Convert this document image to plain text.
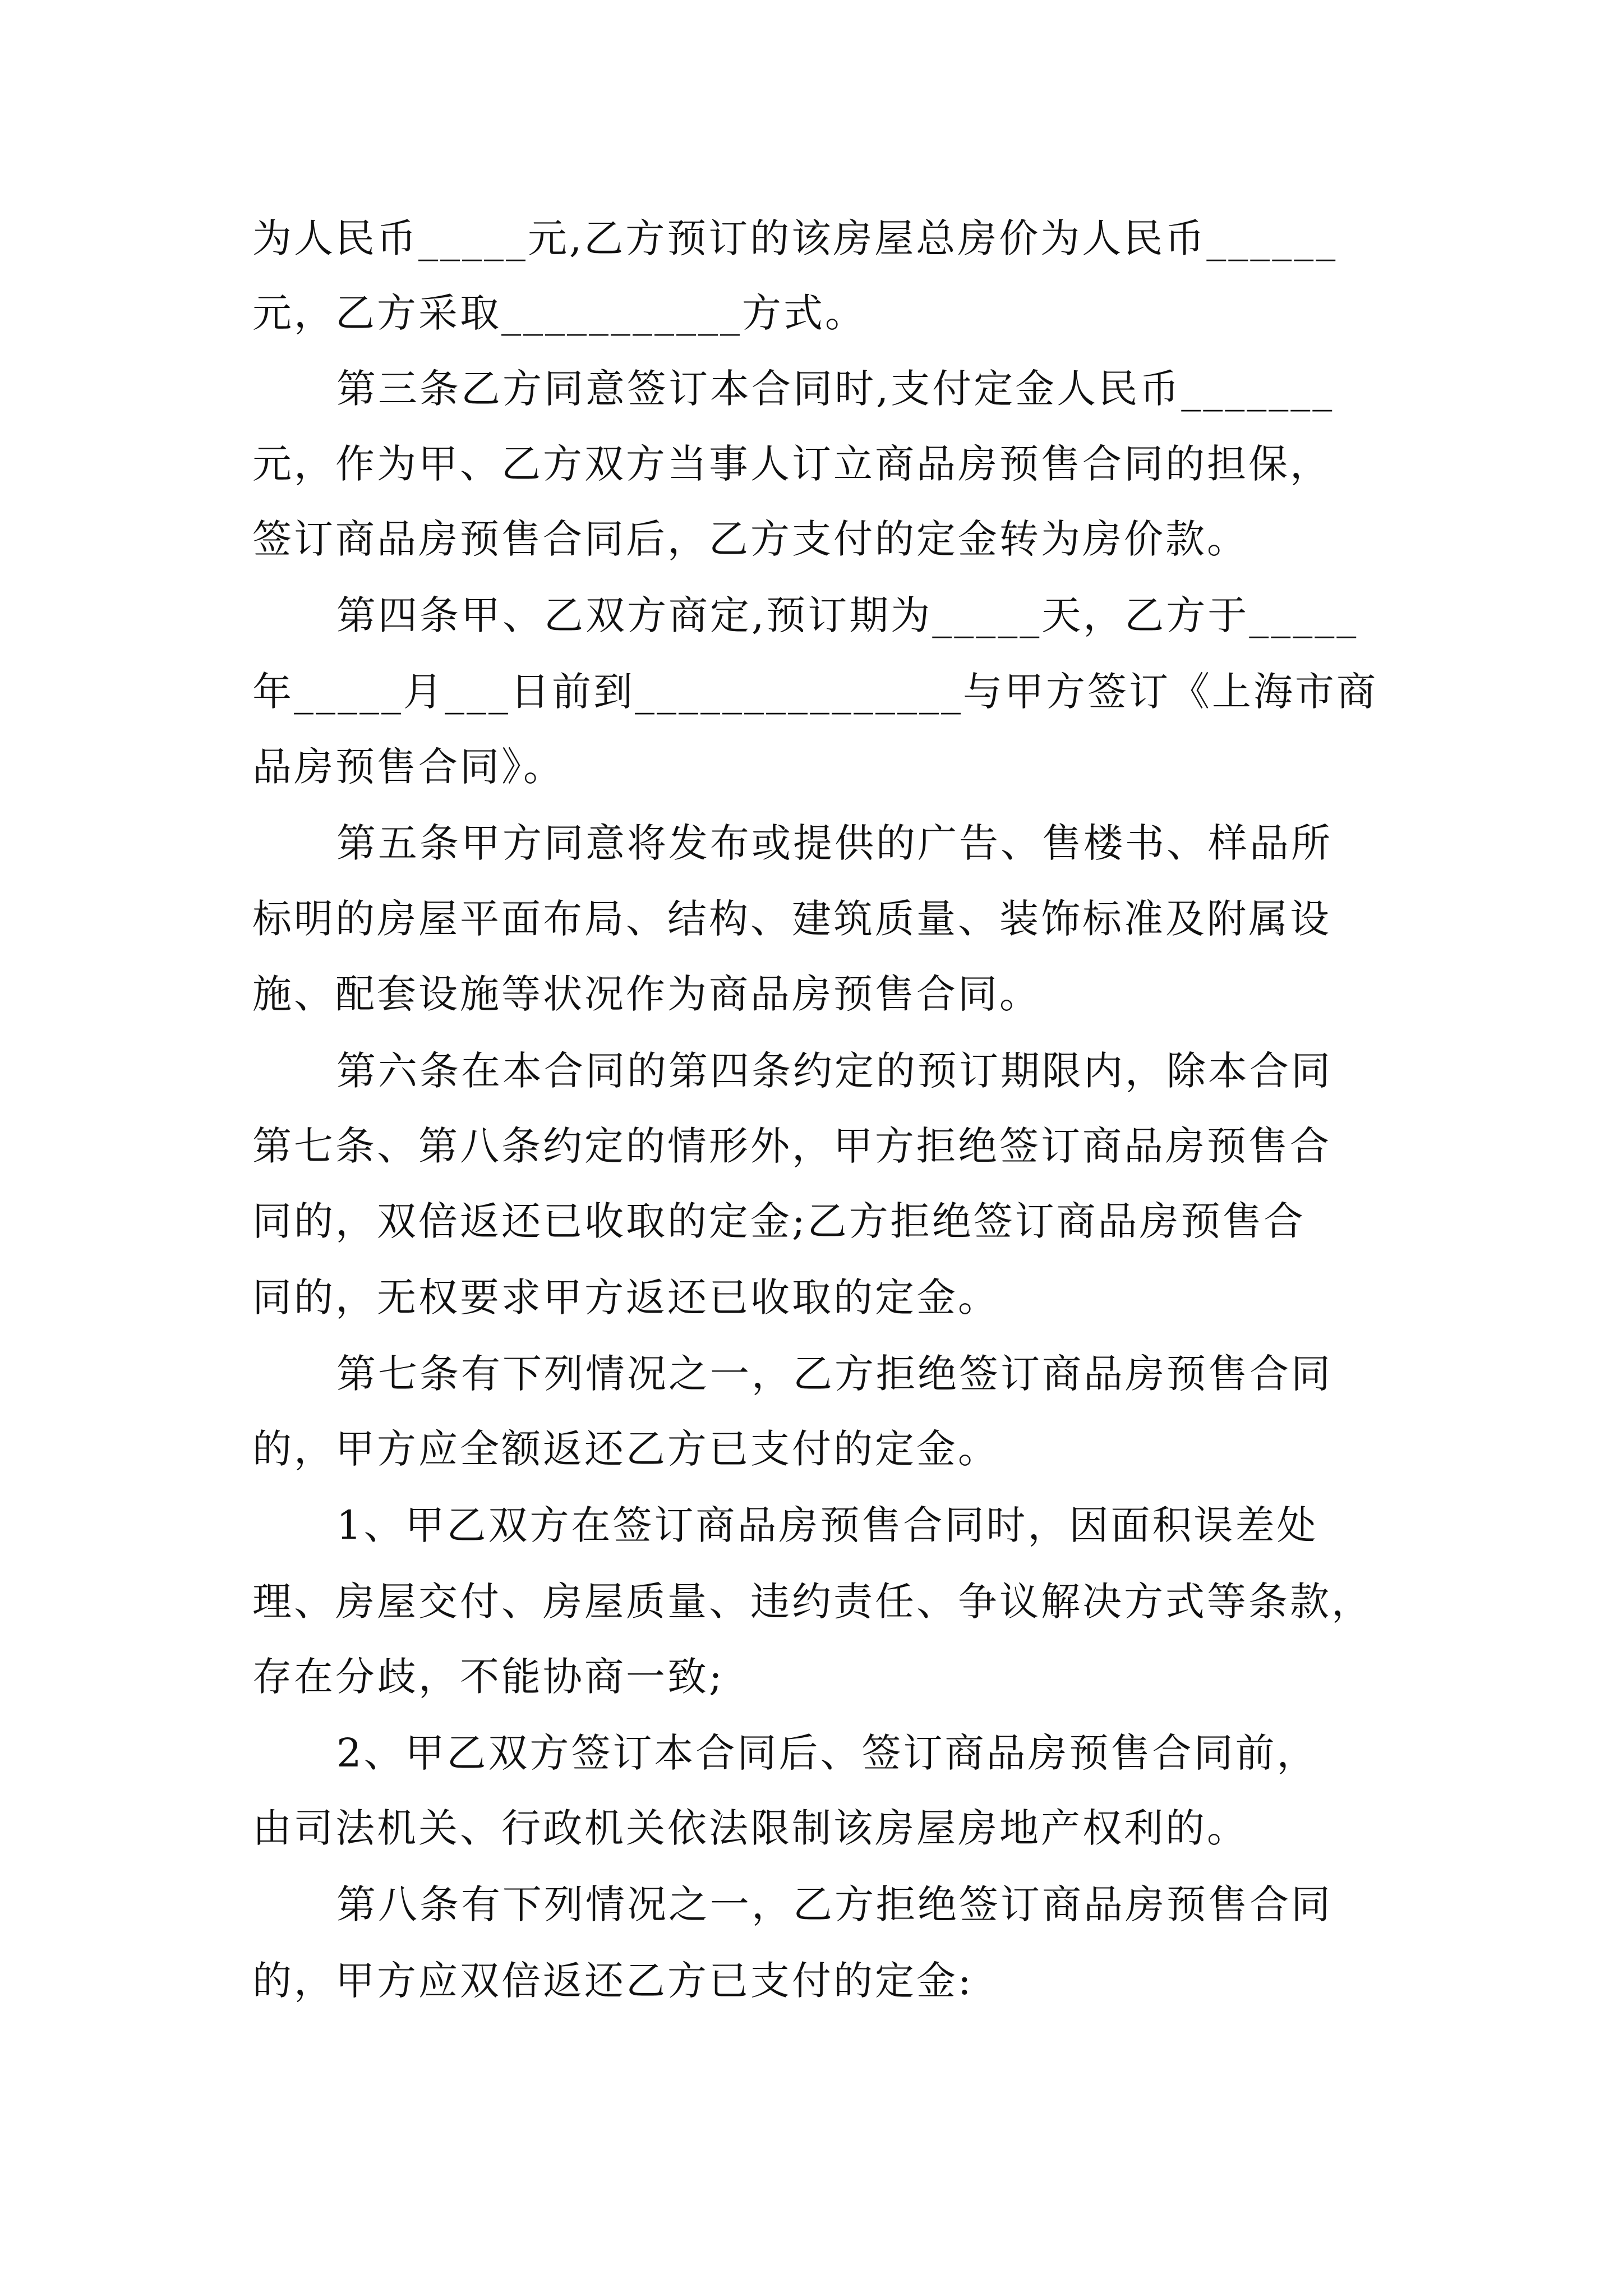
为人民币_____元,乙方预订的该房屋总房价为人民币______
元，乙方采取___________方式。
第三条乙方同意签订本合同时,支付定金人民币_______
元，作为甲、乙方双方当事人订立商品房预售合同的担保，
签订商品房预售合同后，乙方支付的定金转为房价款。
第四条甲、乙双方商定,预订期为_____天，乙方于_____
年_____月___日前到_______________与甲方签订《上海市商
品房预售合同》。
第五条甲方同意将发布或提供的广告、售楼书、样品所
标明的房屋平面布局、结构、建筑质量、装饰标准及附属设
施、配套设施等状况作为商品房预售合同。
第六条在本合同的第四条约定的预订期限内，除本合同
第七条、第八条约定的情形外，甲方拒绝签订商品房预售合
同的，双倍返还已收取的定金;乙方拒绝签订商品房预售合
同的，无权要求甲方返还已收取的定金。
第七条有下列情况之一，乙方拒绝签订商品房预售合同
的，甲方应全额返还乙方已支付的定金。
1、甲乙双方在签订商品房预售合同时，因面积误差处
理、房屋交付、房屋质量、违约责任、争议解决方式等条款，
存在分歧，不能协商一致;
2、甲乙双方签订本合同后、签订商品房预售合同前，
由司法机关、行政机关依法限制该房屋房地产权利的。
第八条有下列情况之一，乙方拒绝签订商品房预售合同
的，甲方应双倍返还乙方已支付的定金:
